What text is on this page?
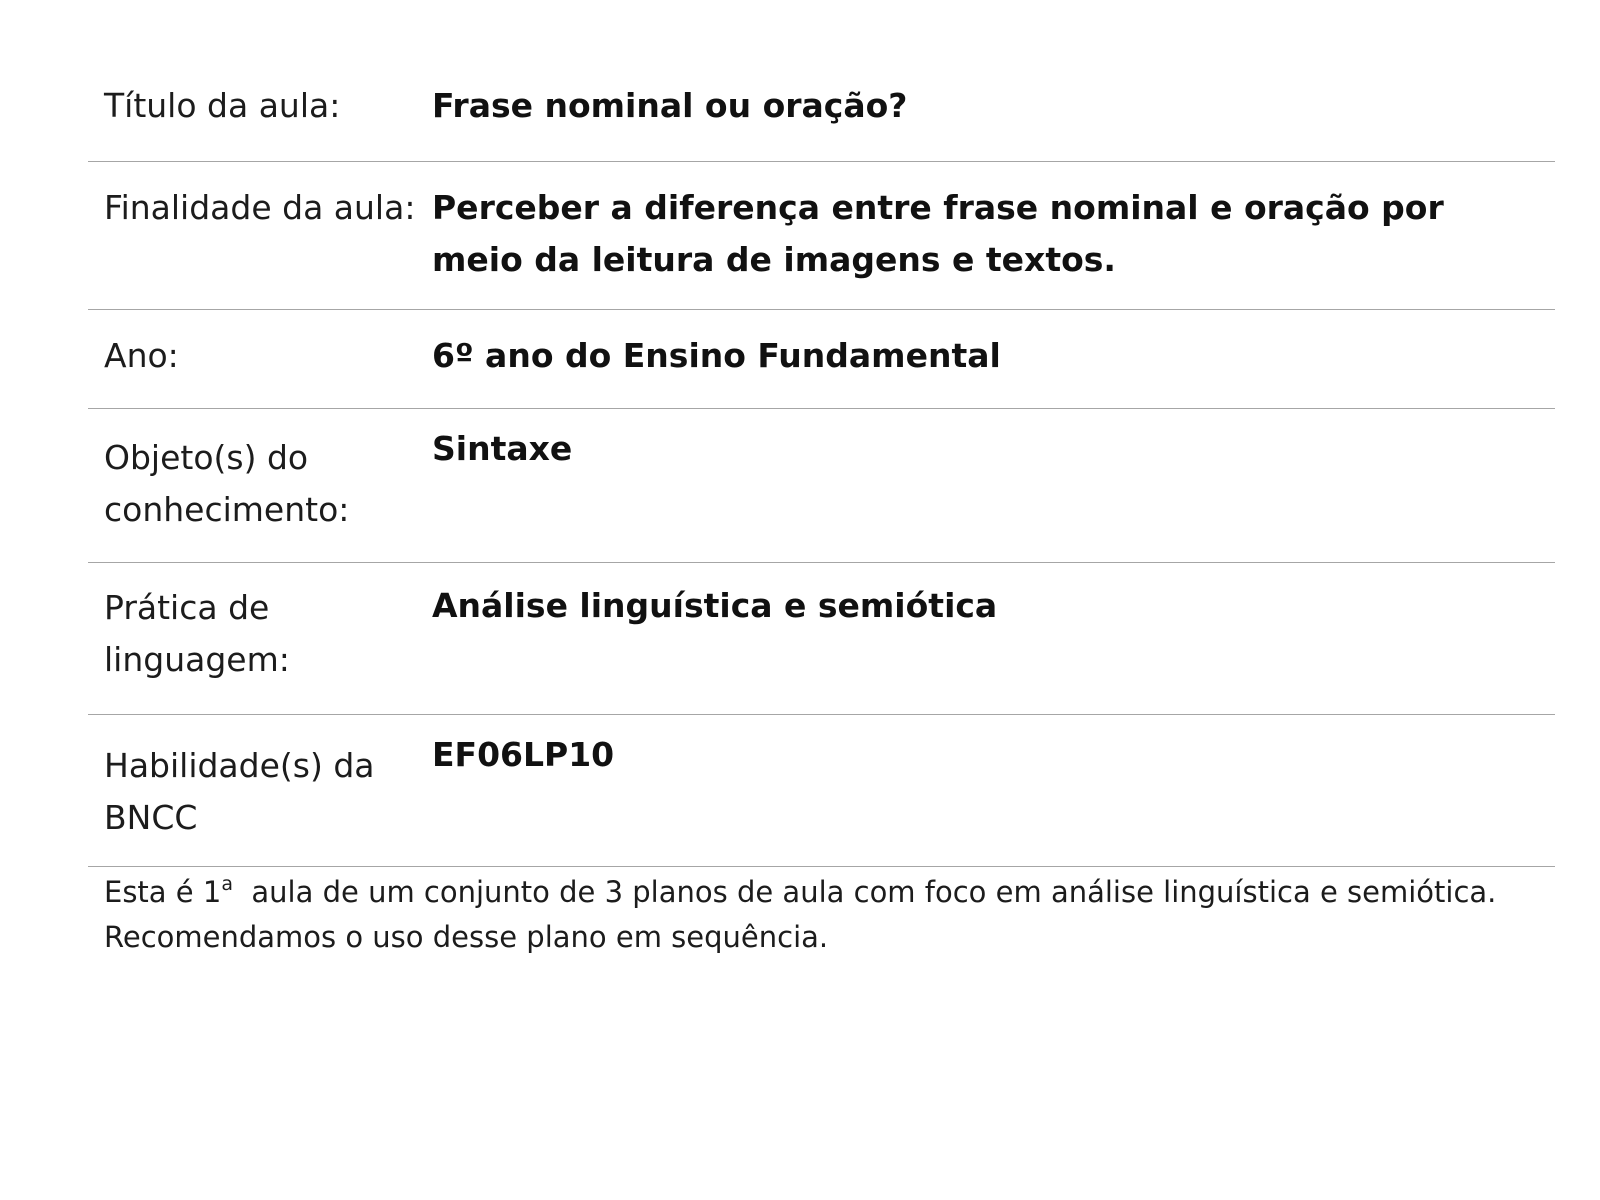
Título da aula:	Frase nominal ou oração?
Finalidade da aula:	Perceber a diferença entre frase nominal e oração por meio da leitura de imagens e textos.
Ano:	6º ano do Ensino Fundamental
Objeto(s) do conhecimento:	Sintaxe
Prática de linguagem:	Análise linguística e semiótica
Habilidade(s) da BNCC	EF06LP10
Esta é 1$^a$  aula de um conjunto de 3 planos de aula com foco em análise linguística e semiótica.
Recomendamos o uso desse plano em sequência.
